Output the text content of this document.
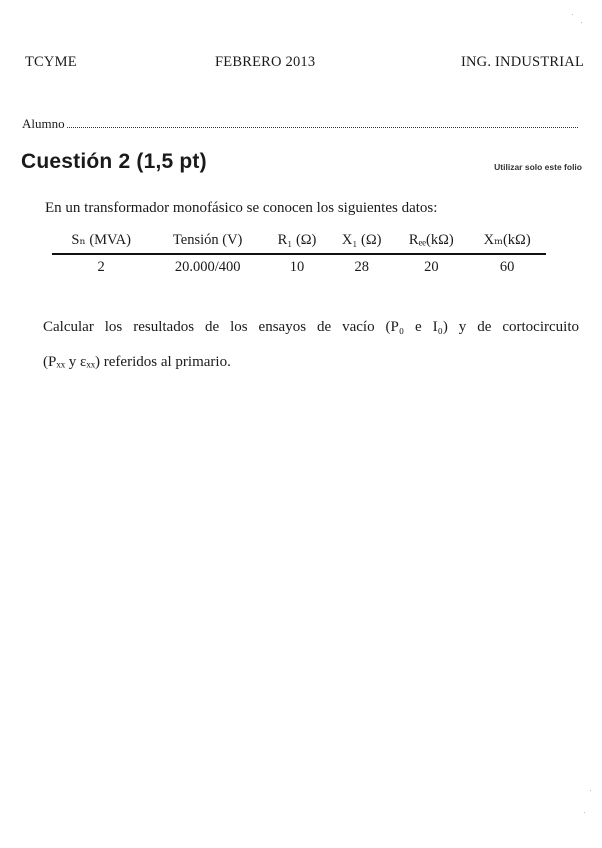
TCYME	FEBRERO 2013	ING. INDUSTRIAL
Alumno
Cuestión 2 (1,5 pt)	Utilizar solo este folio
En un transformador monofásico se conocen los siguientes datos:
Sₙ (MVA)	Tensión (V)	R₁ (Ω)	X₁ (Ω)	Rₑₑ(kΩ)	Xₘ(kΩ)
2	20.000/400	10	28	20	60
Calcular los resultados de los ensayos de vacío (P₀ e I₀) y de cortocircuito
(Pₓₓ y εₓₓ) referidos al primario.
